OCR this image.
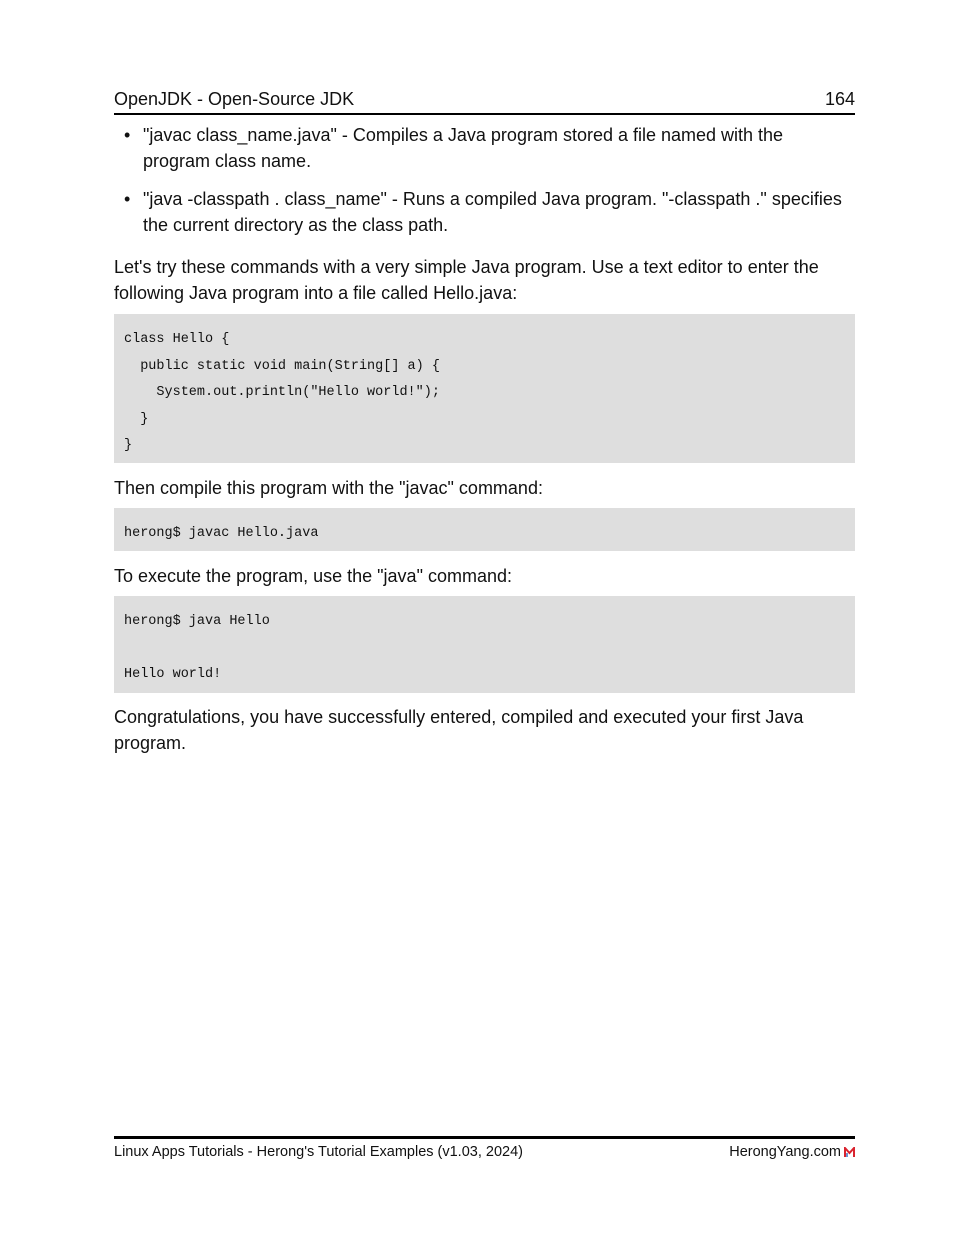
OpenJDK - Open-Source JDK	164
• "javac class_name.java" - Compiles a Java program stored a file named with the program class name.
• "java -classpath . class_name" - Runs a compiled Java program. "-classpath ." specifies the current directory as the class path.

Let's try these commands with a very simple Java program. Use a text editor to enter the following Java program into a file called Hello.java:

class Hello {
public static void main(String[] a) {
System.out.println("Hello world!");
}
}

Then compile this program with the "javac" command:

herong$ javac Hello.java

To execute the program, use the "java" command:

herong$ java Hello

Hello world!

Congratulations, you have successfully entered, compiled and executed your first Java program.

Linux Apps Tutorials - Herong's Tutorial Examples (v1.03, 2024)	HerongYang.com
